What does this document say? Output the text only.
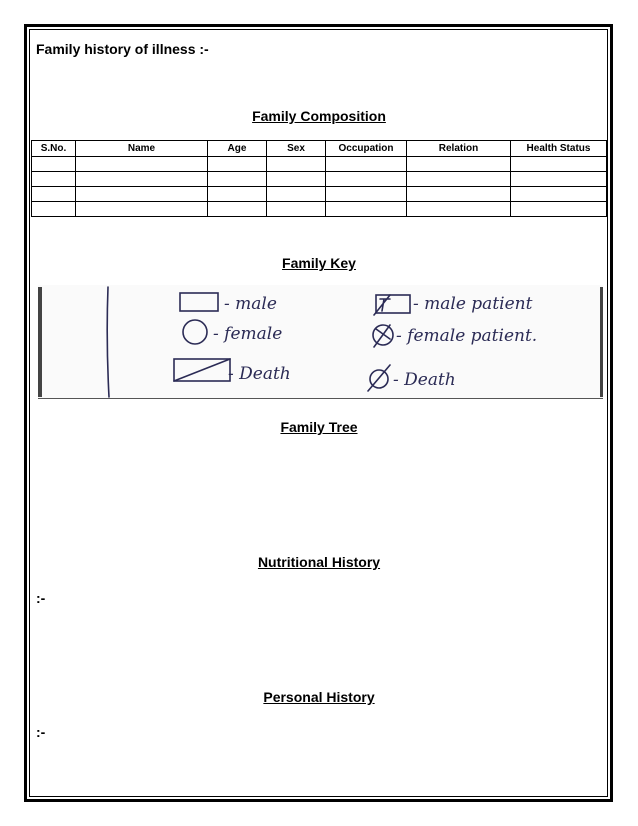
Family history of illness :-
Family Composition
S.No.	Name	Age	Sex	Occupation	Relation	Health Status

Family Key
- male
- female
- Death
- male patient
- female patient.
- Death
Family Tree
Nutritional History
:-
Personal History
:-
